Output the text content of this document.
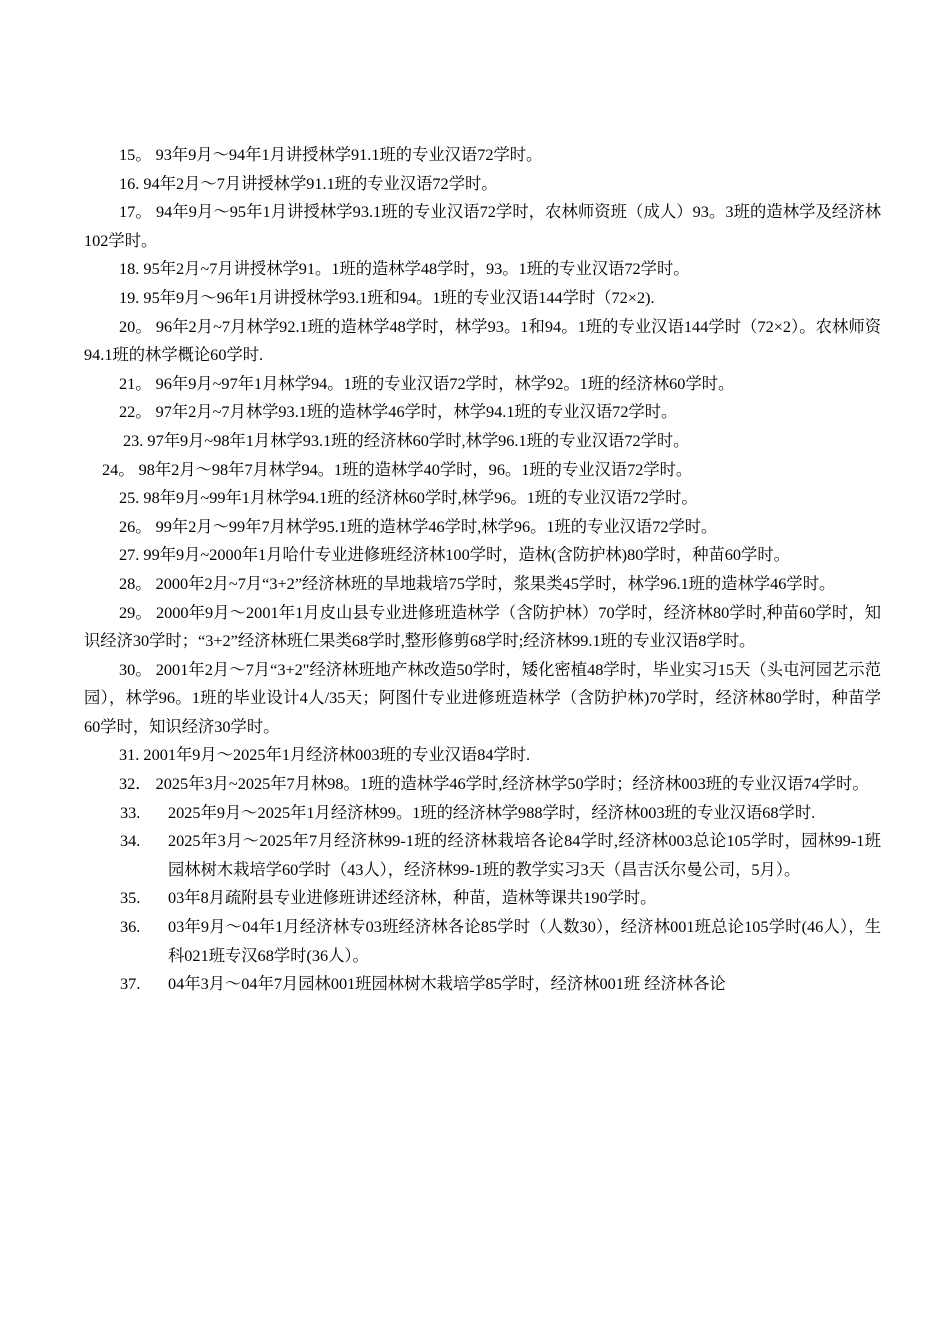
15。 93年9月～94年1月讲授林学91.1班的专业汉语72学时。

16. 94年2月～7月讲授林学91.1班的专业汉语72学时。

17。 94年9月～95年1月讲授林学93.1班的专业汉语72学时，农林师资班（成人）93。3班的造林学及经济林102学时。

18. 95年2月~7月讲授林学91。1班的造林学48学时，93。1班的专业汉语72学时。

19. 95年9月～96年1月讲授林学93.1班和94。1班的专业汉语144学时（72×2).

20。 96年2月~7月林学92.1班的造林学48学时，林学93。1和94。1班的专业汉语144学时（72×2）。农林师资94.1班的林学概论60学时.

21。 96年9月~97年1月林学94。1班的专业汉语72学时，林学92。1班的经济林60学时。

22。 97年2月~7月林学93.1班的造林学46学时，林学94.1班的专业汉语72学时。

23. 97年9月~98年1月林学93.1班的经济林60学时,林学96.1班的专业汉语72学时。

24。 98年2月～98年7月林学94。1班的造林学40学时，96。1班的专业汉语72学时。

25. 98年9月~99年1月林学94.1班的经济林60学时,林学96。1班的专业汉语72学时。

26。 99年2月～99年7月林学95.1班的造林学46学时,林学96。1班的专业汉语72学时。

27. 99年9月~2000年1月哈什专业进修班经济林100学时，造林(含防护林)80学时，种苗60学时。

28。 2000年2月~7月“3+2”经济林班的旱地栽培75学时，浆果类45学时，林学96.1班的造林学46学时。

29。 2000年9月～2001年1月皮山县专业进修班造林学（含防护林）70学时，经济林80学时,种苗60学时，知识经济30学时；“3+2”经济林班仁果类68学时,整形修剪68学时;经济林99.1班的专业汉语8学时。

30。 2001年2月～7月“3+2"经济林班地产林改造50学时，矮化密植48学时，毕业实习15天（头屯河园艺示范园），林学96。1班的毕业设计4人/35天；阿图什专业进修班造林学（含防护林)70学时，经济林80学时，种苗学60学时，知识经济30学时。

31. 2001年9月～2025年1月经济林003班的专业汉语84学时.

32． 2025年3月~2025年7月林98。1班的造林学46学时,经济林学50学时；经济林003班的专业汉语74学时。

33.	2025年9月～2025年1月经济林99。1班的经济林学988学时，经济林003班的专业汉语68学时.
34.	2025年3月～2025年7月经济林99-1班的经济林栽培各论84学时,经济林003总论105学时，园林99-1班园林树木栽培学60学时（43人），经济林99-1班的教学实习3天（昌吉沃尔曼公司，5月）。
35.	03年8月疏附县专业进修班讲述经济林，种苗，造林等课共190学时。
36.	03年9月～04年1月经济林专03班经济林各论85学时（人数30），经济林001班总论105学时(46人），生科021班专汉68学时(36人）。
37.	04年3月～04年7月园林001班园林树木栽培学85学时，经济林001班 经济林各论
